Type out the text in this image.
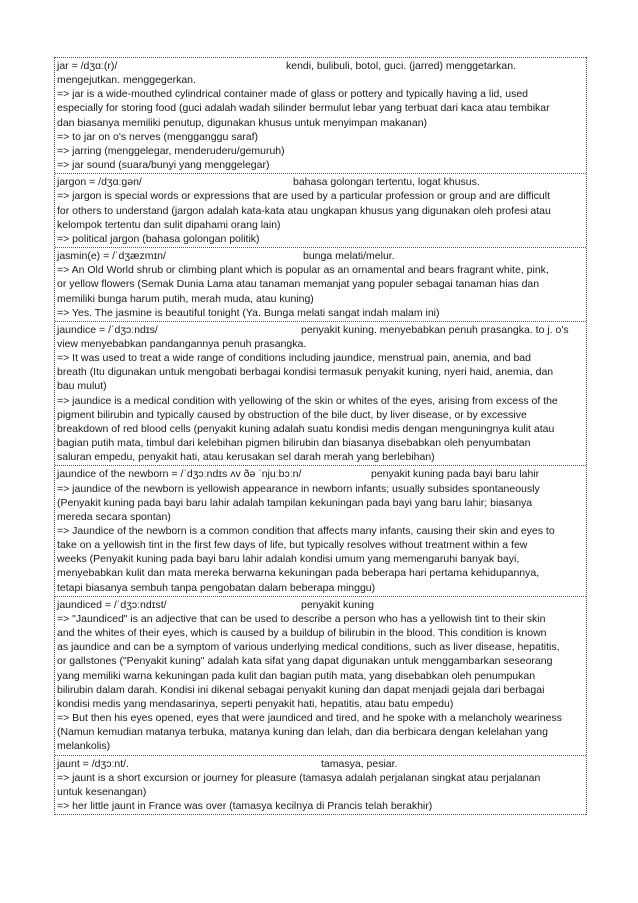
jar = /dʒɑː(r)/	kendi, bulibuli, botol, guci. (jarred) menggetarkan.
mengejutkan. menggegerkan.
=> jar is a wide-mouthed cylindrical container made of glass or pottery and typically having a lid, used
especially for storing food (guci adalah wadah silinder bermulut lebar yang terbuat dari kaca atau tembikar
dan biasanya memiliki penutup, digunakan khusus untuk menyimpan makanan)
=> to jar on o's nerves (mengganggu saraf)
=> jarring (menggelegar, menderuderu/gemuruh)
=> jar sound (suara/bunyi yang menggelegar)
jargon = /dʒɑːgən/	bahasa golongan tertentu, logat khusus.
=> jargon is special words or expressions that are used by a particular profession or group and are difficult
for others to understand (jargon adalah kata-kata atau ungkapan khusus yang digunakan oleh profesi atau
kelompok tertentu dan sulit dipahami orang lain)
=> political jargon (bahasa golongan politik)
jasmin(e) = /ˈdʒæzmɪn/	bunga melati/melur.
=> An Old World shrub or climbing plant which is popular as an ornamental and bears fragrant white, pink,
or yellow flowers (Semak Dunia Lama atau tanaman memanjat yang populer sebagai tanaman hias dan
memiliki bunga harum putih, merah muda, atau kuning)
=> Yes. The jasmine is beautiful tonight (Ya. Bunga melati sangat indah malam ini)
jaundice = /ˈdʒɔːndɪs/	penyakit kuning. menyebabkan penuh prasangka. to j. o's
view menyebabkan pandangannya penuh prasangka.
=> It was used to treat a wide range of conditions including jaundice, menstrual pain, anemia, and bad
breath (Itu digunakan untuk mengobati berbagai kondisi termasuk penyakit kuning, nyeri haid, anemia, dan
bau mulut)
=> jaundice is a medical condition with yellowing of the skin or whites of the eyes, arising from excess of the
pigment bilirubin and typically caused by obstruction of the bile duct, by liver disease, or by excessive
breakdown of red blood cells (penyakit kuning adalah suatu kondisi medis dengan menguningnya kulit atau
bagian putih mata, timbul dari kelebihan pigmen bilirubin dan biasanya disebabkan oleh penyumbatan
saluran empedu, penyakit hati, atau kerusakan sel darah merah yang berlebihan)
jaundice of the newborn = /ˈdʒɔːndɪs ʌv ðə ˈnjuːbɔːn/	penyakit kuning pada bayi baru lahir
=> jaundice of the newborn is yellowish appearance in newborn infants; usually subsides spontaneously
(Penyakit kuning pada bayi baru lahir adalah tampilan kekuningan pada bayi yang baru lahir; biasanya
mereda secara spontan)
=> Jaundice of the newborn is a common condition that affects many infants, causing their skin and eyes to
take on a yellowish tint in the first few days of life, but typically resolves without treatment within a few
weeks (Penyakit kuning pada bayi baru lahir adalah kondisi umum yang memengaruhi banyak bayi,
menyebabkan kulit dan mata mereka berwarna kekuningan pada beberapa hari pertama kehidupannya,
tetapi biasanya sembuh tanpa pengobatan dalam beberapa minggu)
jaundiced = /ˈdʒɔːndɪst/	penyakit kuning
=> "Jaundiced" is an adjective that can be used to describe a person who has a yellowish tint to their skin
and the whites of their eyes, which is caused by a buildup of bilirubin in the blood. This condition is known
as jaundice and can be a symptom of various underlying medical conditions, such as liver disease, hepatitis,
or gallstones ("Penyakit kuning" adalah kata sifat yang dapat digunakan untuk menggambarkan seseorang
yang memiliki warna kekuningan pada kulit dan bagian putih mata, yang disebabkan oleh penumpukan
bilirubin dalam darah. Kondisi ini dikenal sebagai penyakit kuning dan dapat menjadi gejala dari berbagai
kondisi medis yang mendasarinya, seperti penyakit hati, hepatitis, atau batu empedu)
=> But then his eyes opened, eyes that were jaundiced and tired, and he spoke with a melancholy weariness
(Namun kemudian matanya terbuka, matanya kuning dan lelah, dan dia berbicara dengan kelelahan yang
melankolis)
jaunt = /dʒɔːnt/.	tamasya, pesiar.
=> jaunt is a short excursion or journey for pleasure (tamasya adalah perjalanan singkat atau perjalanan
untuk kesenangan)
=> her little jaunt in France was over (tamasya kecilnya di Prancis telah berakhir)
